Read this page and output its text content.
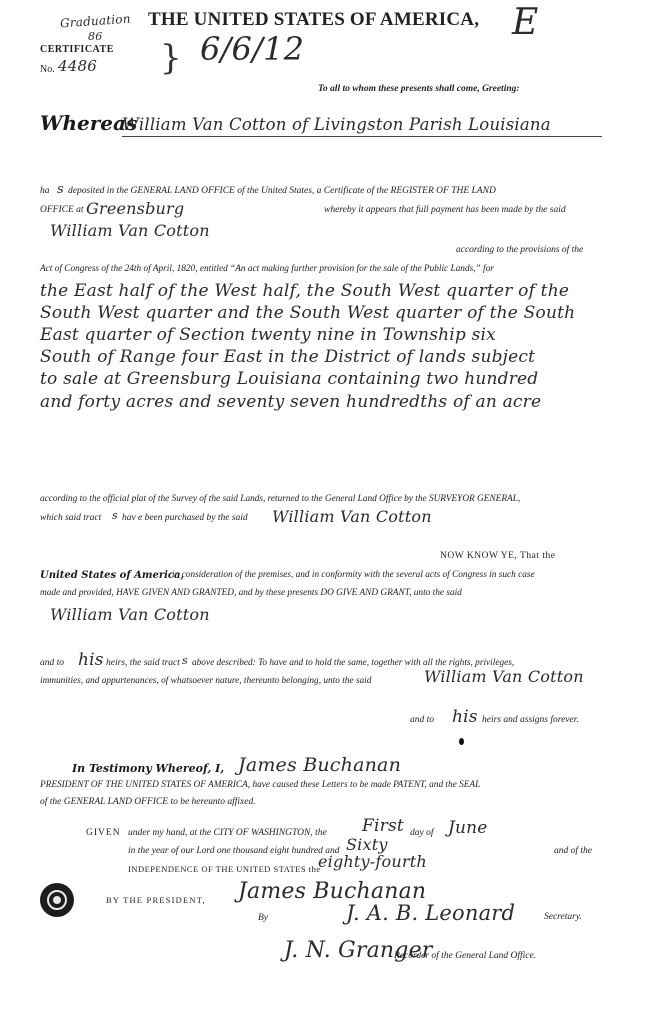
Graduation
86
CERTIFICATE
No. 4486 }
THE UNITED STATES OF AMERICA,
6/6/12
E
To all to whom these presents shall come, Greeting:
Whereas
William Van Cotton of Livingston Parish Louisiana
ha s deposited in the GENERAL LAND OFFICE of the United States, a Certificate of the REGISTER OF THE LAND
OFFICE at Greensburg	whereby it appears that full payment has been made by the said
William Van Cotton
according to the provisions of the
Act of Congress of the 24th of April, 1820, entitled “An act making further provision for the sale of the Public Lands,” for
the East half of the West half, the South West quarter of the
South West quarter and the South West quarter of the South
East quarter of Section twenty nine in Township six
South of Range four East in the District of lands subject
to sale at Greensburg Louisiana containing two hundred
and forty acres and seventy seven hundredths of an acre
according to the official plat of the Survey of the said Lands, returned to the General Land Office by the SURVEYOR GENERAL,
which said tract s hav e been purchased by the said William Van Cotton
NOW KNOW YE, That the
United States of America,
in consideration of the premises, and in conformity with the several acts of Congress in such case
made and provided, HAVE GIVEN AND GRANTED, and by these presents DO GIVE AND GRANT, unto the said
William Van Cotton
and to his heirs, the said tract s above described: To have and to hold the same, together with all the rights, privileges,
immunities, and appurtenances, of whatsoever nature, thereunto belonging, unto the said	William Van Cotton
and to his heirs and assigns forever.
In Testimony Whereof, I, James Buchanan
PRESIDENT OF THE UNITED STATES OF AMERICA, have caused these Letters to be made PATENT, and the SEAL
of the GENERAL LAND OFFICE to be hereunto affixed.
GIVEN under my hand, at the CITY OF WASHINGTON, the First day of June
in the year of our Lord one thousand eight hundred and Sixty	and of the
INDEPENDENCE OF THE UNITED STATES the
eighty-fourth
BY THE PRESIDENT, James Buchanan
By	J. A. B. Leonard	Secretary.
J. N. Granger
Recorder of the General Land Office.
